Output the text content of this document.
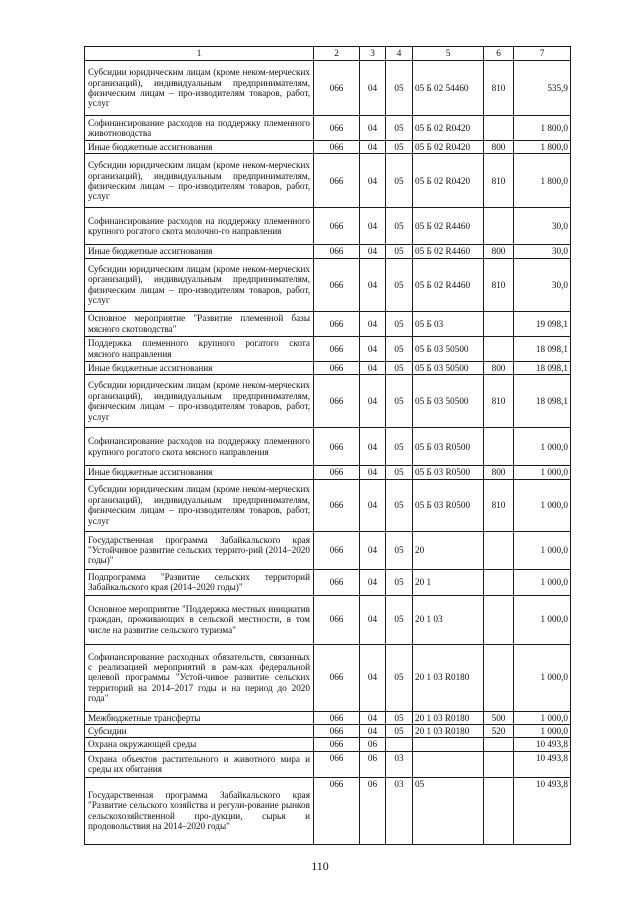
1	2	3	4	5	6	7
Субсидии юридическим лицам (кроме неком-мерческих организаций), индивидуальным предпринимателям, физическим лицам – про-изводителям товаров, работ, услуг	066	04	05	05 Б 02 54460	810	535,9
Софинансирование расходов на поддержку племенного животноводства	066	04	05	05 Б 02 R0420		1 800,0
Иные бюджетные ассигнования	066	04	05	05 Б 02 R0420	800	1 800,0
Субсидии юридическим лицам (кроме неком-мерческих организаций), индивидуальным предпринимателям, физическим лицам – про-изводителям товаров, работ, услуг	066	04	05	05 Б 02 R0420	810	1 800,0
Софинансирование расходов на поддержку племенного крупного рогатого скота молочно-го направления	066	04	05	05 Б 02 R4460		30,0
Иные бюджетные ассигнования	066	04	05	05 Б 02 R4460	800	30,0
Субсидии юридическим лицам (кроме неком-мерческих организаций), индивидуальным предпринимателям, физическим лицам – про-изводителям товаров, работ, услуг	066	04	05	05 Б 02 R4460	810	30,0
Основное мероприятие "Развитие племенной базы мясного скотоводства"	066	04	05	05 Б 03		19 098,1
Поддержка племенного крупного рогатого скота мясного направления	066	04	05	05 Б 03 50500		18 098,1
Иные бюджетные ассигнования	066	04	05	05 Б 03 50500	800	18 098,1
Субсидии юридическим лицам (кроме неком-мерческих организаций), индивидуальным предпринимателям, физическим лицам – про-изводителям товаров, работ, услуг	066	04	05	05 Б 03 50500	810	18 098,1
Софинансирование расходов на поддержку племенного крупного рогатого скота мясного направления	066	04	05	05 Б 03 R0500		1 000,0
Иные бюджетные ассигнования	066	04	05	05 Б 03 R0500	800	1 000,0
Субсидии юридическим лицам (кроме неком-мерческих организаций), индивидуальным предпринимателям, физическим лицам – про-изводителям товаров, работ, услуг	066	04	05	05 Б 03 R0500	810	1 000,0
Государственная программа Забайкальского края "Устойчивое развитие сельских террито-рий (2014–2020 годы)"	066	04	05	20		1 000,0
Подпрограмма "Развитие сельских территорий Забайкальского края (2014–2020 годы)"	066	04	05	20 1		1 000,0
Основное мероприятие "Поддержка местных инициатив граждан, проживающих в сельской местности, в том числе на развитие сельского туризма"	066	04	05	20 1 03		1 000,0
Софинансирование расходных обязательств, связанных с реализацией мероприятий в рам-ках федеральной целевой программы "Устой-чивое развитие сельских территорий на 2014–2017 годы и на период до 2020 года"	066	04	05	20 1 03 R0180		1 000,0
Межбюджетные трансферты	066	04	05	20 1 03 R0180	500	1 000,0
Субсидии	066	04	05	20 1 03 R0180	520	1 000,0
Охрана окружающей среды	066	06				10 493,8
Охрана объектов растительного и животного мира и среды их обитания	066	06	03			10 493,8
Государственная программа Забайкальского края "Развитие сельского хозяйства и регули-рование рынков сельскохозяйственной про-дукции, сырья и продовольствия на 2014–2020 годы"	066	06	03	05		10 493,8
110
